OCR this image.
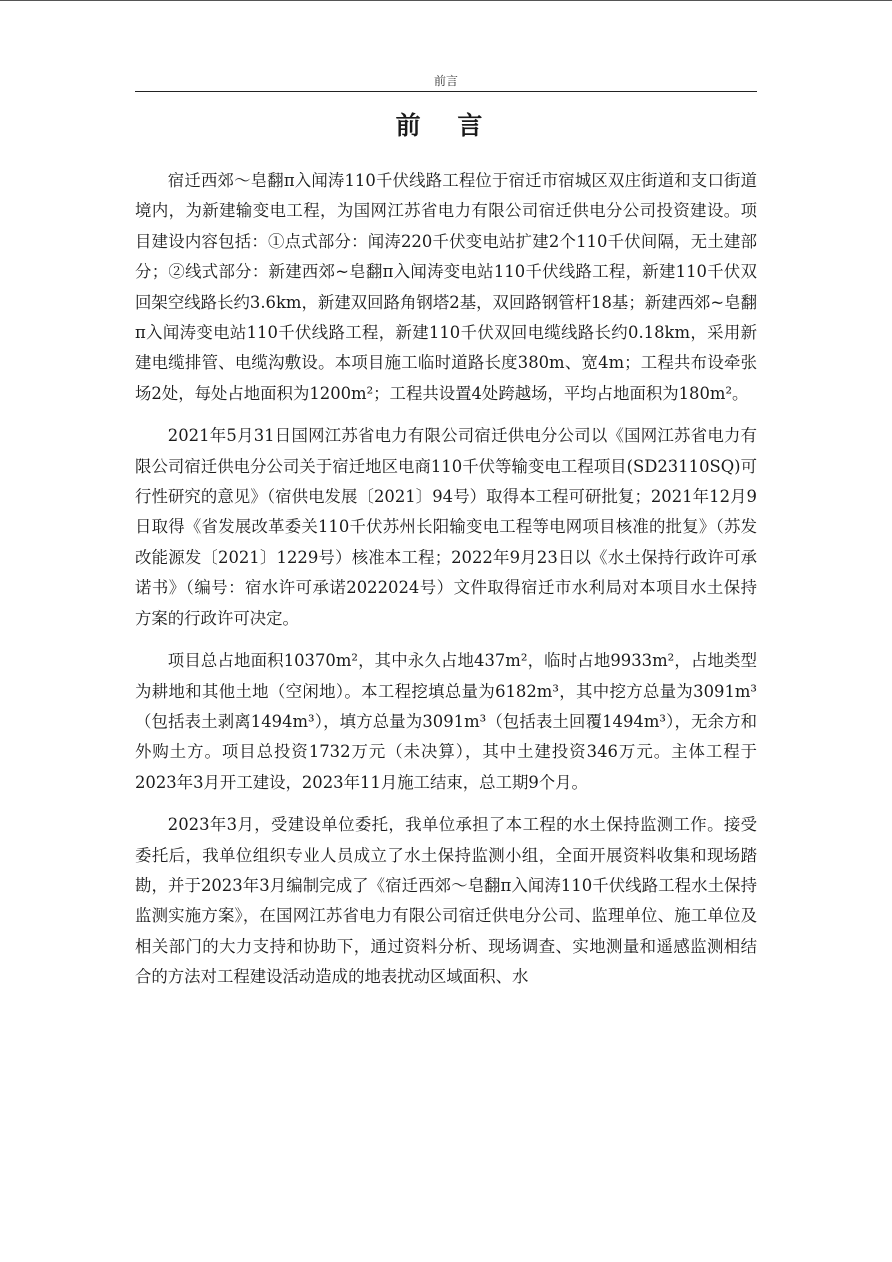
前言
前 言

宿迁西郊～皂翻π入闻涛110千伏线路工程位于宿迁市宿城区双庄街道和支口街道境内，为新建输变电工程，为国网江苏省电力有限公司宿迁供电分公司投资建设。项目建设内容包括：①点式部分：闻涛220千伏变电站扩建2个110千伏间隔，无土建部分；②线式部分：新建西郊~皂翻π入闻涛变电站110千伏线路工程，新建110千伏双回架空线路长约3.6km，新建双回路角钢塔2基，双回路钢管杆18基；新建西郊~皂翻π入闻涛变电站110千伏线路工程，新建110千伏双回电缆线路长约0.18km，采用新建电缆排管、电缆沟敷设。本项目施工临时道路长度380m、宽4m；工程共布设牵张场2处，每处占地面积为1200m²；工程共设置4处跨越场，平均占地面积为180m²。

2021年5月31日国网江苏省电力有限公司宿迁供电分公司以《国网江苏省电力有限公司宿迁供电分公司关于宿迁地区电商110千伏等输变电工程项目(SD23110SQ)可行性研究的意见》（宿供电发展〔2021〕94号）取得本工程可研批复；2021年12月9日取得《省发展改革委关110千伏苏州长阳输变电工程等电网项目核准的批复》（苏发改能源发〔2021〕1229号）核准本工程；2022年9月23日以《水土保持行政许可承诺书》（编号：宿水许可承诺2022024号）文件取得宿迁市水利局对本项目水土保持方案的行政许可决定。

项目总占地面积10370m²，其中永久占地437m²，临时占地9933m²，占地类型为耕地和其他土地（空闲地）。本工程挖填总量为6182m³，其中挖方总量为3091m³（包括表土剥离1494m³），填方总量为3091m³（包括表土回覆1494m³），无余方和外购土方。项目总投资1732万元（未决算），其中土建投资346万元。主体工程于2023年3月开工建设，2023年11月施工结束，总工期9个月。

2023年3月，受建设单位委托，我单位承担了本工程的水土保持监测工作。接受委托后，我单位组织专业人员成立了水土保持监测小组，全面开展资料收集和现场踏勘，并于2023年3月编制完成了《宿迁西郊～皂翻π入闻涛110千伏线路工程水土保持监测实施方案》，在国网江苏省电力有限公司宿迁供电分公司、监理单位、施工单位及相关部门的大力支持和协助下，通过资料分析、现场调查、实地测量和遥感监测相结合的方法对工程建设活动造成的地表扰动区域面积、水
